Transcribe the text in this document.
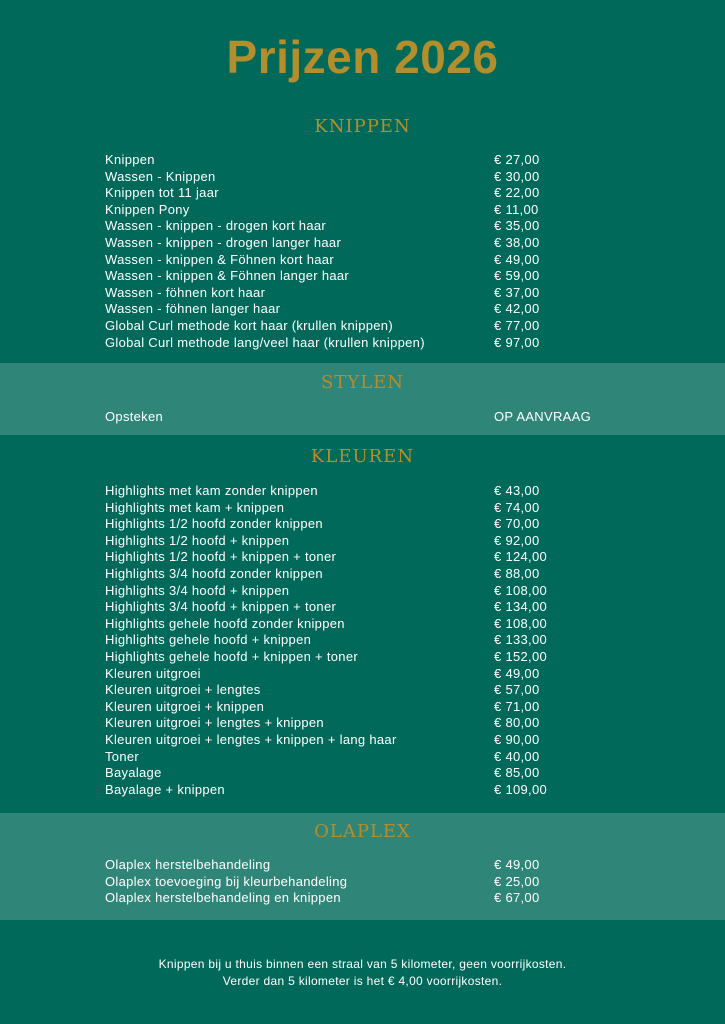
Prijzen 2026
KNIPPEN
Knippen	€ 27,00
Wassen - Knippen	€ 30,00
Knippen tot 11 jaar	€ 22,00
Knippen Pony	€ 11,00
Wassen - knippen - drogen kort haar	€ 35,00
Wassen - knippen - drogen langer haar	€ 38,00
Wassen - knippen & Föhnen kort haar	€ 49,00
Wassen - knippen & Föhnen langer haar	€ 59,00
Wassen - föhnen kort haar	€ 37,00
Wassen - föhnen langer haar	€ 42,00
Global Curl methode kort haar (krullen knippen)	€ 77,00
Global Curl methode lang/veel haar (krullen knippen)	€ 97,00
STYLEN
Opsteken	OP AANVRAAG
KLEUREN
Highlights met kam zonder knippen	€ 43,00
Highlights met kam + knippen	€ 74,00
Highlights 1/2 hoofd zonder knippen	€ 70,00
Highlights 1/2 hoofd + knippen	€ 92,00
Highlights 1/2 hoofd + knippen + toner	€ 124,00
Highlights 3/4 hoofd zonder knippen	€ 88,00
Highlights 3/4 hoofd + knippen	€ 108,00
Highlights 3/4 hoofd + knippen + toner	€ 134,00
Highlights gehele hoofd zonder knippen	€ 108,00
Highlights gehele hoofd + knippen	€ 133,00
Highlights gehele hoofd + knippen + toner	€ 152,00
Kleuren uitgroei	€ 49,00
Kleuren uitgroei + lengtes	€ 57,00
Kleuren uitgroei + knippen	€ 71,00
Kleuren uitgroei + lengtes + knippen	€ 80,00
Kleuren uitgroei + lengtes + knippen + lang haar	€ 90,00
Toner	€ 40,00
Bayalage	€ 85,00
Bayalage + knippen	€ 109,00
OLAPLEX
Olaplex herstelbehandeling	€ 49,00
Olaplex toevoeging bij kleurbehandeling	€ 25,00
Olaplex herstelbehandeling en knippen	€ 67,00
Knippen bij u thuis binnen een straal van 5 kilometer, geen voorrijkosten.
Verder dan 5 kilometer is het € 4,00 voorrijkosten.
